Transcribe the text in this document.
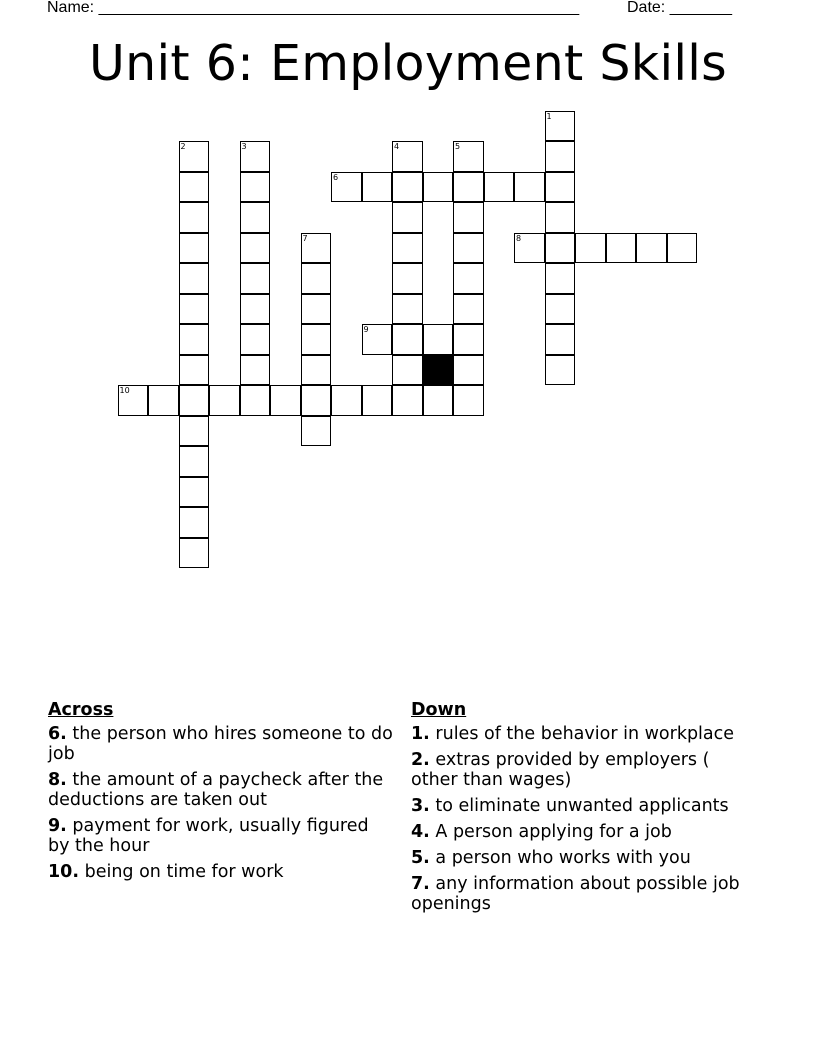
Name: ______________________________________________________	Date: _______
Unit 6: Employment Skills
1
2	3	4	5
6
7	8
9
10
Across
6. the person who hires someone to do job
8. the amount of a paycheck after the deductions are taken out
9. payment for work, usually figured by the hour
10. being on time for work
Down
1. rules of the behavior in workplace
2. extras provided by employers ( other than wages)
3. to eliminate unwanted applicants
4. A person applying for a job
5. a person who works with you
7. any information about possible job openings
